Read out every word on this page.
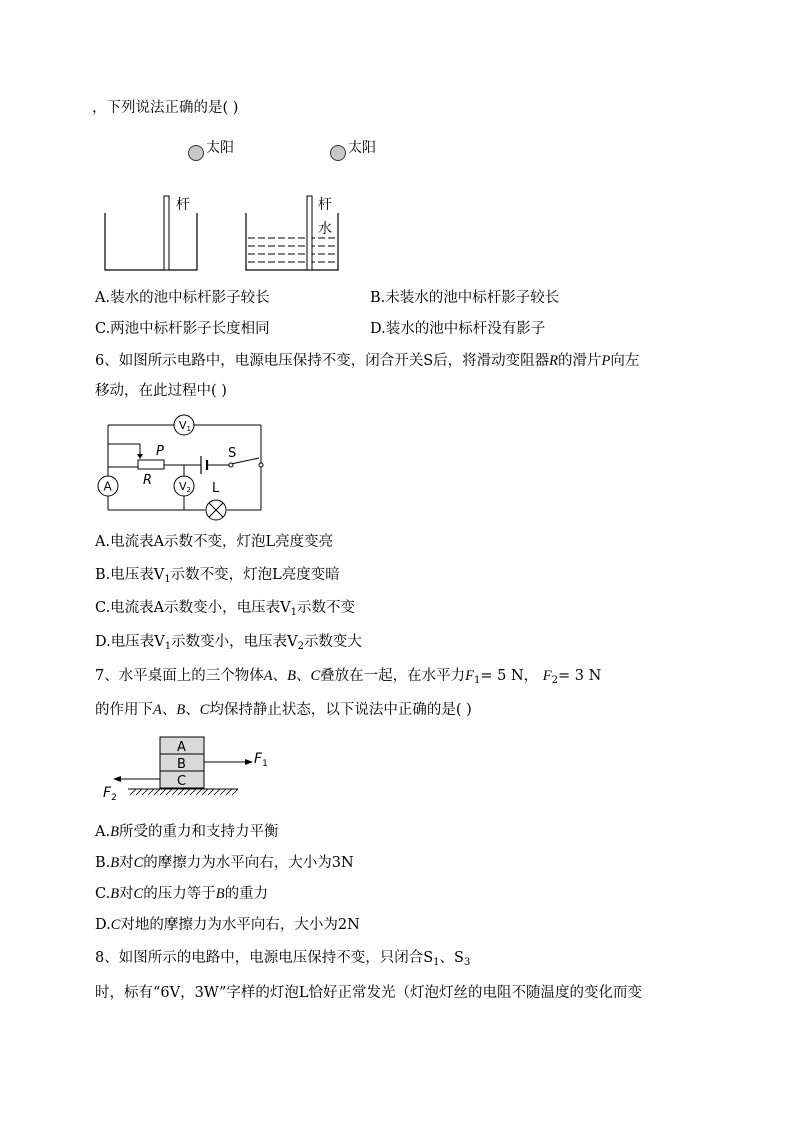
，下列说法正确的是( )
太阳	太阳
杆	杆
水
A.装水的池中标杆影子较长	B.未装水的池中标杆影子较长
C.两池中标杆影子长度相同	D.装水的池中标杆没有影子
6、如图所示电路中，电源电压保持不变，闭合开关S后，将滑动变阻器R的滑片P向左
移动，在此过程中( )
S
P
R
V1
V2
A	L
A.电流表A示数不变，灯泡L亮度变亮
B.电压表$V_1$示数不变，灯泡L亮度变暗
C.电流表A示数变小，电压表$V_1$示数不变
D.电压表$V_1$示数变小，电压表$V_2$示数变大
7、水平桌面上的三个物体A、B、C叠放在一起，在水平力$F_1= 5$ N， $F_2= 3$ N
的作用下A、B、C均保持静止状态，以下说法中正确的是( )
A
B
C
$F_1$
$F_2$
A.B所受的重力和支持力平衡
B.B对C的摩擦力为水平向右，大小为3N
C.B对C的压力等于B的重力
D.C对地的摩擦力为水平向右，大小为2N
8、如图所示的电路中，电源电压保持不变，只闭合$S_1$、$S_3$
时，标有“6V，3W”字样的灯泡L恰好正常发光（灯泡灯丝的电阻不随温度的变化而变
